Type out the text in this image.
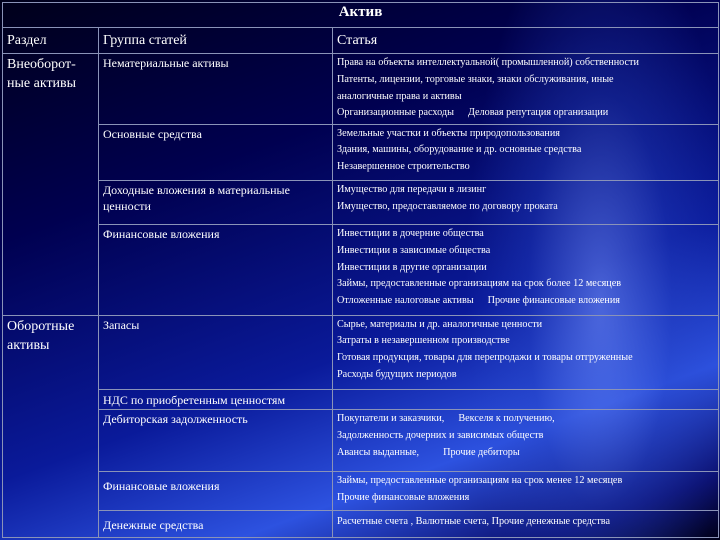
Актив		
Раздел	Группа статей	Статья
Внеоборот-ные активы	Нематериальные активы	Права на объекты интеллектуальной( промышленной) собственности
Патенты, лицензии, торговые знаки, знаки обслуживания, иные
аналогичные права и активы
Организационные расходы Деловая репутация организации

	Основные средства	Земельные участки и объекты природопользования
Здания, машины, оборудование и др. основные средства
Незавершенное строительство

	Доходные вложения в материальные ценности	Имущество для передачи в лизинг
Имущество, предоставляемое по договору проката

	Финансовые вложения	Инвестиции в дочерние общества
Инвестиции в зависимые общества
Инвестиции в другие организации
Займы, предоставленные организациям на срок более 12 месяцев
Отложенные налоговые активы Прочие финансовые вложения

Оборотные активы	Запасы	Сырье, материалы и др. аналогичные ценности
Затраты в незавершенном производстве
Готовая продукция, товары для перепродажи и товары отгруженные
Расходы будущих периодов

	НДС по приобретенным ценностям	
	Дебиторская задолженность	Покупатели и заказчики, Векселя к получению,
Задолженность дочерних и зависимых обществ
Авансы выданные, Прочие дебиторы

	Финансовые вложения	Займы, предоставленные организациям на срок менее 12 месяцев
Прочие финансовые вложения

	Денежные средства	Расчетные счета , Валютные счета, Прочие денежные средства
